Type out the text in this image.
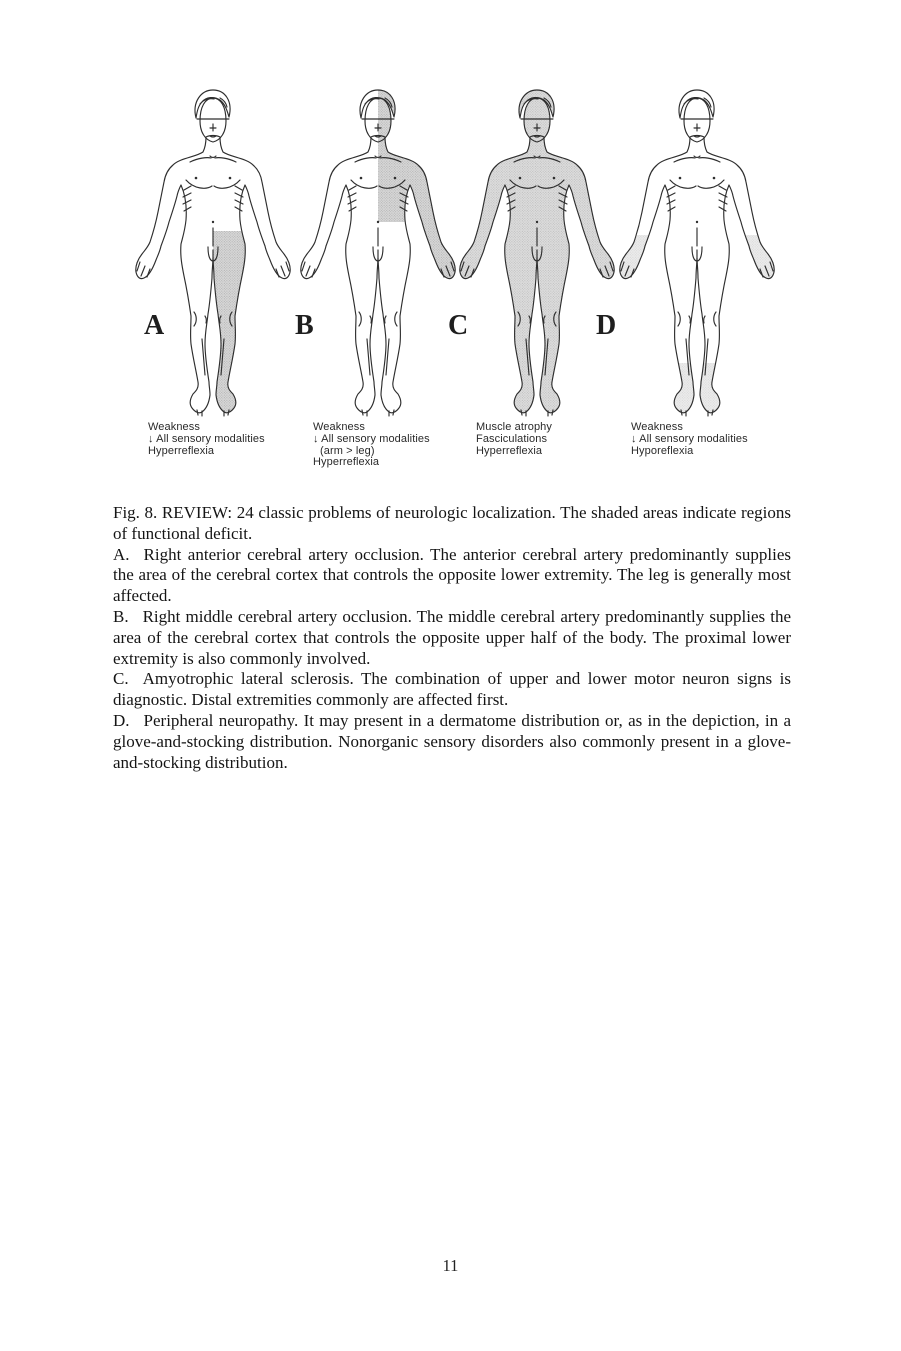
A	B	C	D
Weakness
↓ All sensory modalities
Hyperreflexia
Weakness
↓ All sensory modalities
(arm > leg)
Hyperreflexia
Muscle atrophy
Fasciculations
Hyperreflexia
Weakness
↓ All sensory modalities
Hyporeflexia

Fig. 8. REVIEW: 24 classic problems of neurologic localization. The shaded areas indicate regions of functional deficit.

A. Right anterior cerebral artery occlusion. The anterior cerebral artery predominantly supplies the area of the cerebral cortex that controls the opposite lower extremity. The leg is generally most affected.

B. Right middle cerebral artery occlusion. The middle cerebral artery predominantly supplies the area of the cerebral cortex that controls the opposite upper half of the body. The proximal lower extremity is also commonly involved.

C. Amyotrophic lateral sclerosis. The combination of upper and lower motor neuron signs is diagnostic. Distal extremities commonly are affected first.

D. Peripheral neuropathy. It may present in a dermatome distribution or, as in the depiction, in a glove-and-stocking distribution. Nonorganic sensory disorders also commonly present in a glove-and-stocking distribution.

11
